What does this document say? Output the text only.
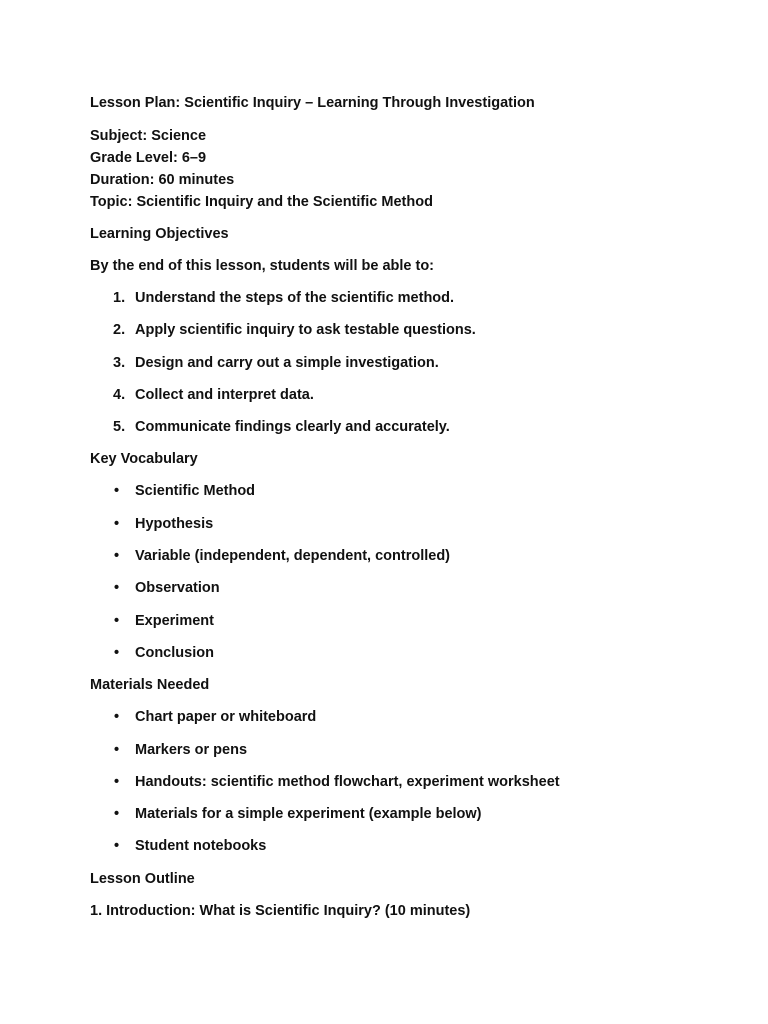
Lesson Plan: Scientific Inquiry – Learning Through Investigation

Subject: Science
Grade Level: 6–9
Duration: 60 minutes
Topic: Scientific Inquiry and the Scientific Method

Learning Objectives

By the end of this lesson, students will be able to:

1. Understand the steps of the scientific method.
2. Apply scientific inquiry to ask testable questions.
3. Design and carry out a simple investigation.
4. Collect and interpret data.
5. Communicate findings clearly and accurately.

Key Vocabulary

• Scientific Method
• Hypothesis
• Variable (independent, dependent, controlled)
• Observation
• Experiment
• Conclusion

Materials Needed

• Chart paper or whiteboard
• Markers or pens
• Handouts: scientific method flowchart, experiment worksheet
• Materials for a simple experiment (example below)
• Student notebooks

Lesson Outline

1. Introduction: What is Scientific Inquiry? (10 minutes)
